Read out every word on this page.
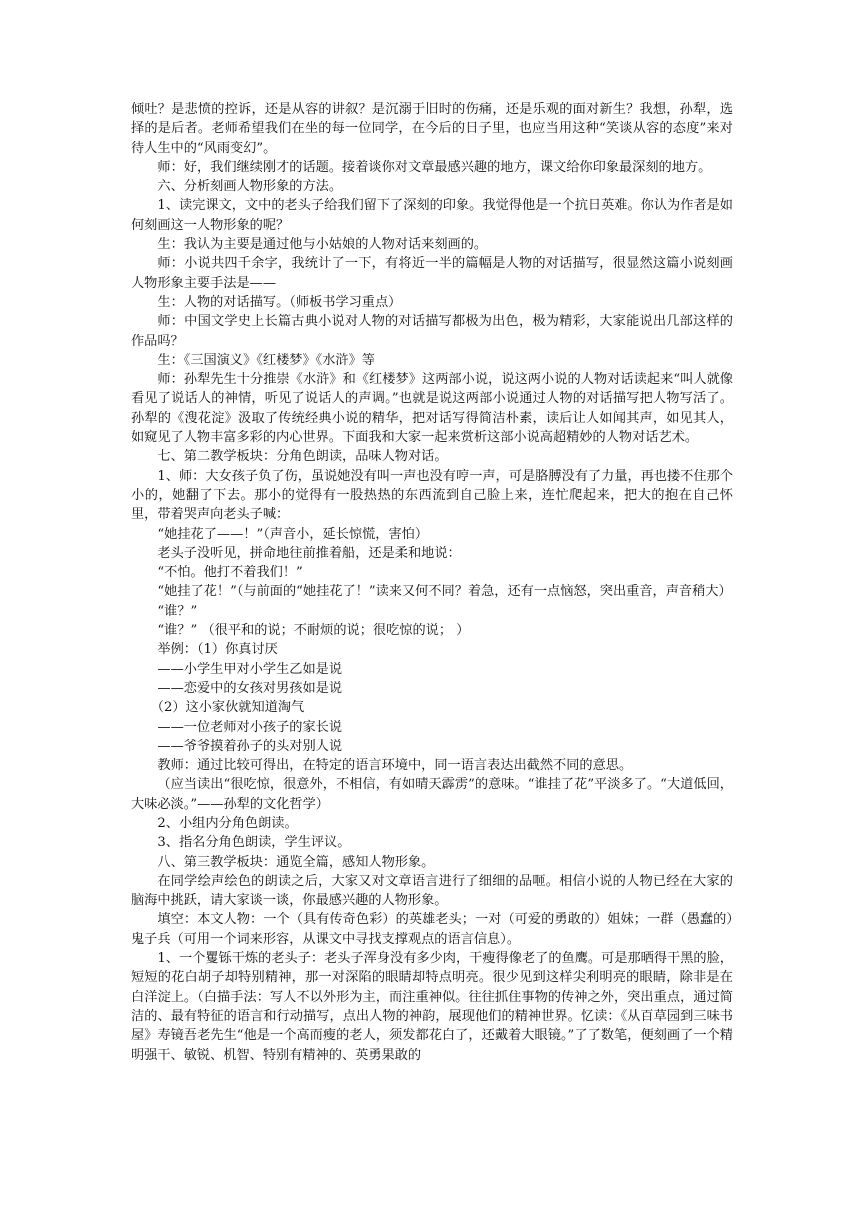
倾吐？是悲愤的控诉，还是从容的讲叙？是沉溺于旧时的伤痛，还是乐观的面对新生？我想，孙犁，选择的是后者。老师希望我们在坐的每一位同学，在今后的日子里，也应当用这种“笑谈从容的态度”来对待人生中的“风雨变幻”。

师：好，我们继续刚才的话题。接着谈你对文章最感兴趣的地方，课文给你印象最深刻的地方。

六、分析刻画人物形象的方法。

1、读完课文，文中的老头子给我们留下了深刻的印象。我觉得他是一个抗日英难。你认为作者是如何刻画这一人物形象的呢？

生：我认为主要是通过他与小姑娘的人物对话来刻画的。

师：小说共四千余字，我统计了一下，有将近一半的篇幅是人物的对话描写，很显然这篇小说刻画人物形象主要手法是——

生：人物的对话描写。（师板书学习重点）

师：中国文学史上长篇古典小说对人物的对话描写都极为出色，极为精彩，大家能说出几部这样的作品吗？

生：《三国演义》《红楼梦》《水浒》等

师：孙犁先生十分推崇《水浒》和《红楼梦》这两部小说，说这两小说的人物对话读起来“叫人就像看见了说话人的神情，听见了说话人的声调。”也就是说这两部小说通过人物的对话描写把人物写活了。孙犁的《溲花淀》汲取了传统经典小说的精华，把对话写得简洁朴素，读后让人如闻其声，如见其人，如窥见了人物丰富多彩的内心世界。下面我和大家一起来赏析这部小说高超精妙的人物对话艺术。

七、第二教学板块：分角色朗读，品味人物对话。

1、师：大女孩子负了伤，虽说她没有叫一声也没有哼一声，可是胳膊没有了力量，再也搂不住那个小的，她翻了下去。那小的觉得有一股热热的东西流到自己脸上来，连忙爬起来，把大的抱在自己怀里，带着哭声向老头子喊：

“她挂花了——！”（声音小，延长惊慌，害怕）

老头子没听见，拼命地往前推着船，还是柔和地说：

“不怕。他打不着我们！”

“她挂了花！”（与前面的“她挂花了！”读来又何不同？着急，还有一点恼怒，突出重音，声音稍大）

“谁？”

“谁？” （很平和的说；不耐烦的说；很吃惊的说； ）

举例：（1）你真讨厌

——小学生甲对小学生乙如是说

——恋爱中的女孩对男孩如是说

（2）这小家伙就知道淘气

——一位老师对小孩子的家长说

——爷爷摸着孙子的头对别人说

教师：通过比较可得出，在特定的语言环境中，同一语言表达出截然不同的意思。

（应当读出“很吃惊，很意外，不相信，有如晴天霹雳”的意味。“谁挂了花”平淡多了。“大道低回，大味必淡。”——孙犁的文化哲学）

2、小组内分角色朗读。

3、指名分角色朗读，学生评议。

八、第三教学板块：通览全篇，感知人物形象。

在同学绘声绘色的朗读之后，大家又对文章语言进行了细细的品咂。相信小说的人物已经在大家的脑海中挑跃，请大家谈一谈，你最感兴趣的人物形象。

填空：本文人物：一个（具有传奇色彩）的英雄老头；一对（可爱的勇敢的）姐妹；一群（愚蠢的）鬼子兵（可用一个词来形容，从课文中寻找支撑观点的语言信息）。

1、一个矍铄干炼的老头子：老头子浑身没有多少肉，干瘦得像老了的鱼鹰。可是那晒得干黑的脸，短短的花白胡子却特别精神，那一对深陷的眼睛却特点明亮。很少见到这样尖利明亮的眼睛，除非是在白洋淀上。（白描手法：写人不以外形为主，而注重神似。往往抓住事物的传神之外，突出重点，通过简洁的、最有特征的语言和行动描写，点出人物的神韵，展现他们的精神世界。忆读：《从百草园到三味书屋》寿镜吾老先生“他是一个高而瘦的老人，须发都花白了，还戴着大眼镜。”了了数笔，便刻画了一个精明强干、敏锐、机智、特别有精神的、英勇果敢的
